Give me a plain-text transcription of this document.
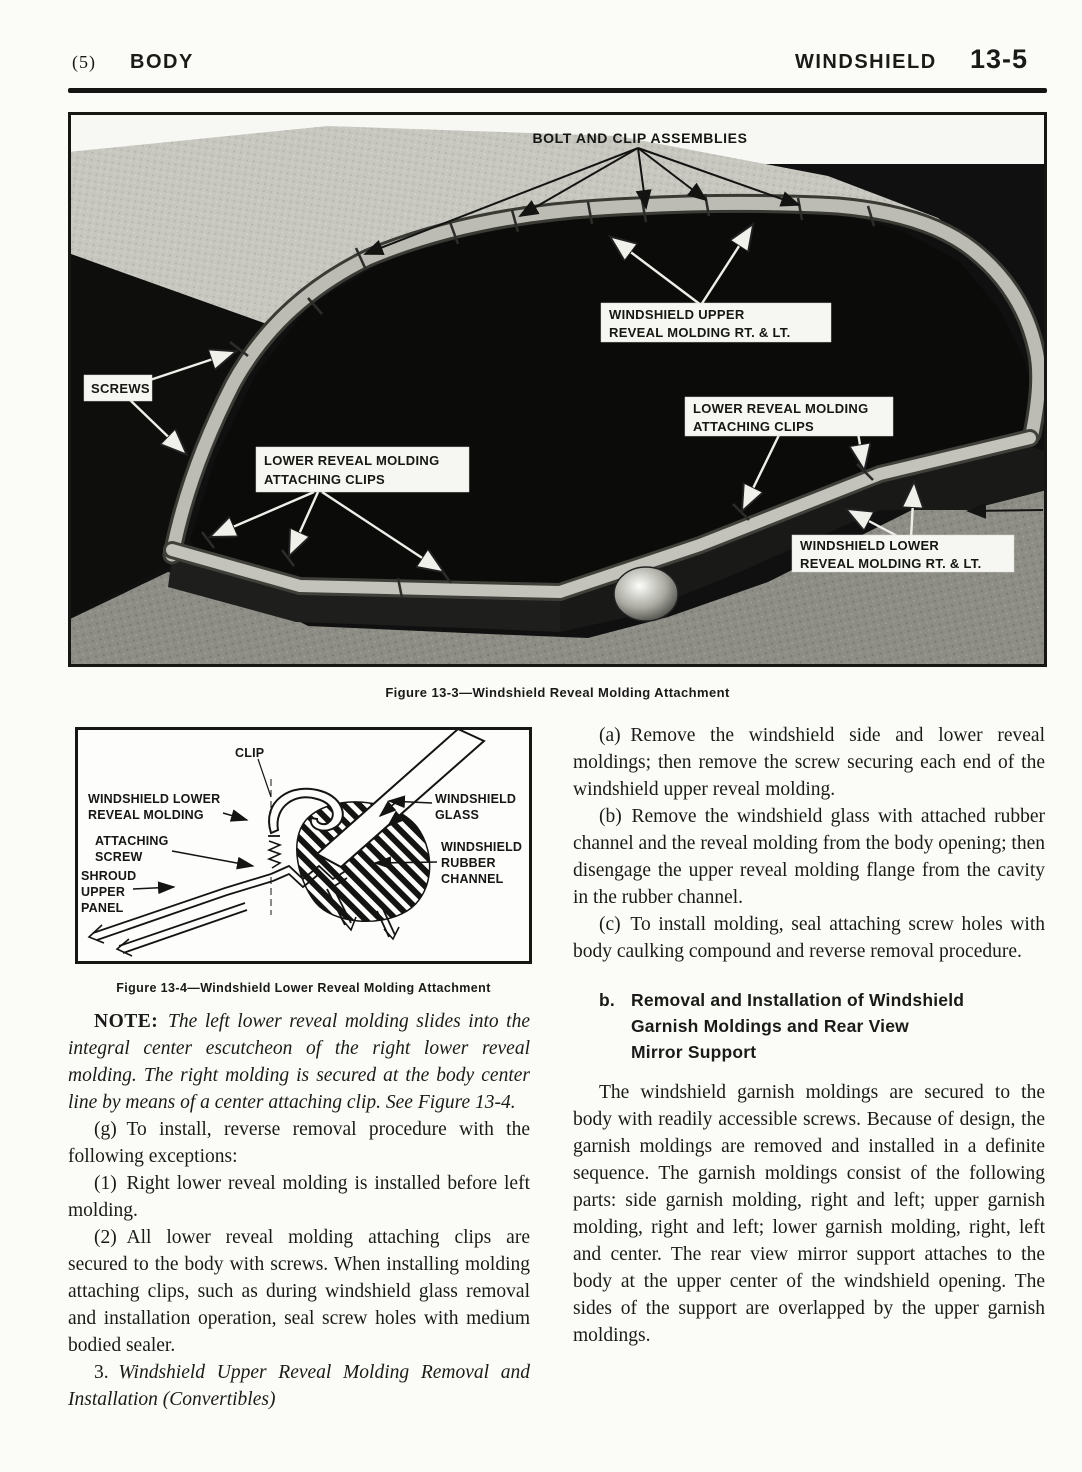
(5) BODY	WINDSHIELD 13-5
BOLT AND CLIP ASSEMBLIES
SCREWS
LOWER REVEAL MOLDING
ATTACHING CLIPS
WINDSHIELD UPPER
REVEAL MOLDING RT. & LT.
LOWER REVEAL MOLDING
ATTACHING CLIPS
WINDSHIELD LOWER
REVEAL MOLDING RT. & LT.
Figure 13-3—Windshield Reveal Molding Attachment
CLIP
WINDSHIELD LOWER
REVEAL MOLDING
ATTACHING
SCREW
SHROUD
UPPER
PANEL
WINDSHIELD
GLASS
WINDSHIELD
RUBBER
CHANNEL
Figure 13-4—Windshield Lower Reveal Molding Attachment

NOTE:  The left lower reveal molding slides into the integral center escutcheon of the right lower reveal molding. The right molding is secured at the body center line by means of a center attaching clip. See Figure 13-4.

(g) To install, reverse removal procedure with the following exceptions:

(1) Right lower reveal molding is installed before left molding.

(2) All lower reveal molding attaching clips are secured to the body with screws. When installing molding attaching clips, such as during windshield glass removal and installation operation, seal screw holes with medium bodied sealer.

3.  Windshield Upper Reveal Molding Removal and Installation (Convertibles)

(a) Remove the windshield side and lower reveal moldings; then remove the screw securing each end of the windshield upper reveal molding.

(b) Remove the windshield glass with attached rubber channel and the reveal molding from the body opening; then disengage the upper reveal molding flange from the cavity in the rubber channel.

(c) To install molding, seal attaching screw holes with body caulking compound and reverse removal procedure.

b. Removal and Installation of Windshield
Garnish Moldings and Rear View
Mirror Support

The windshield garnish moldings are secured to the body with readily accessible screws. Because of design, the garnish moldings are removed and installed in a definite sequence. The garnish moldings consist of the following parts: side garnish molding, right and left; upper garnish molding, right and left; lower garnish molding, right, left and center. The rear view mirror support attaches to the body at the upper center of the windshield opening. The sides of the support are overlapped by the upper garnish moldings.
